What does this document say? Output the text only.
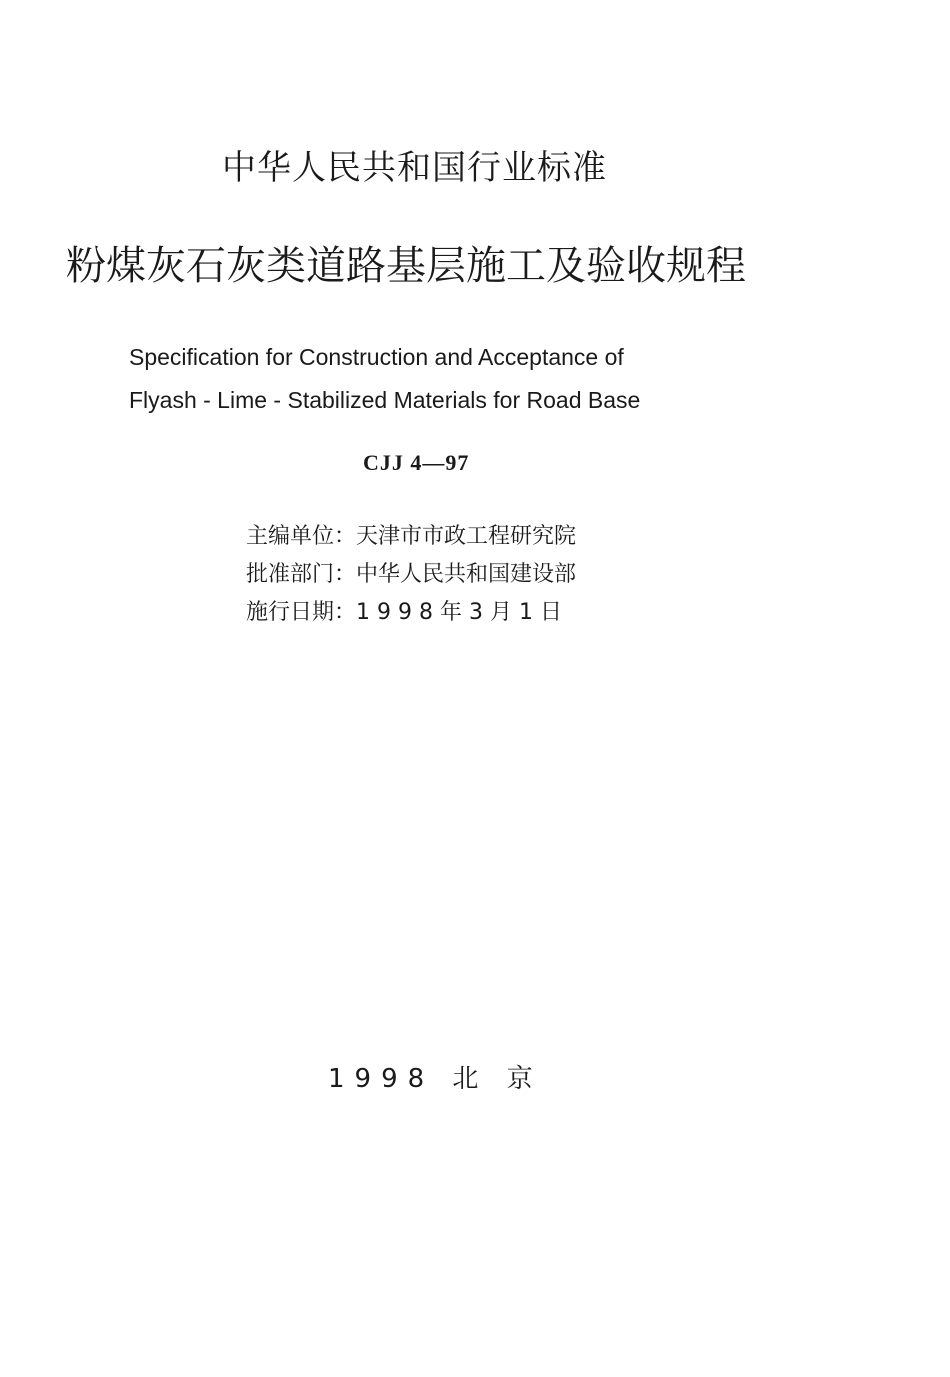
中华人民共和国行业标准
粉煤灰石灰类道路基层施工及验收规程
Specification for Construction and Acceptance of
Flyash - Lime - Stabilized Materials for Road Base
CJJ 4—97
主编单位：天津市市政工程研究院
批准部门：中华人民共和国建设部
施行日期：1 9 9 8 年 3 月 1 日
1998 北 京
